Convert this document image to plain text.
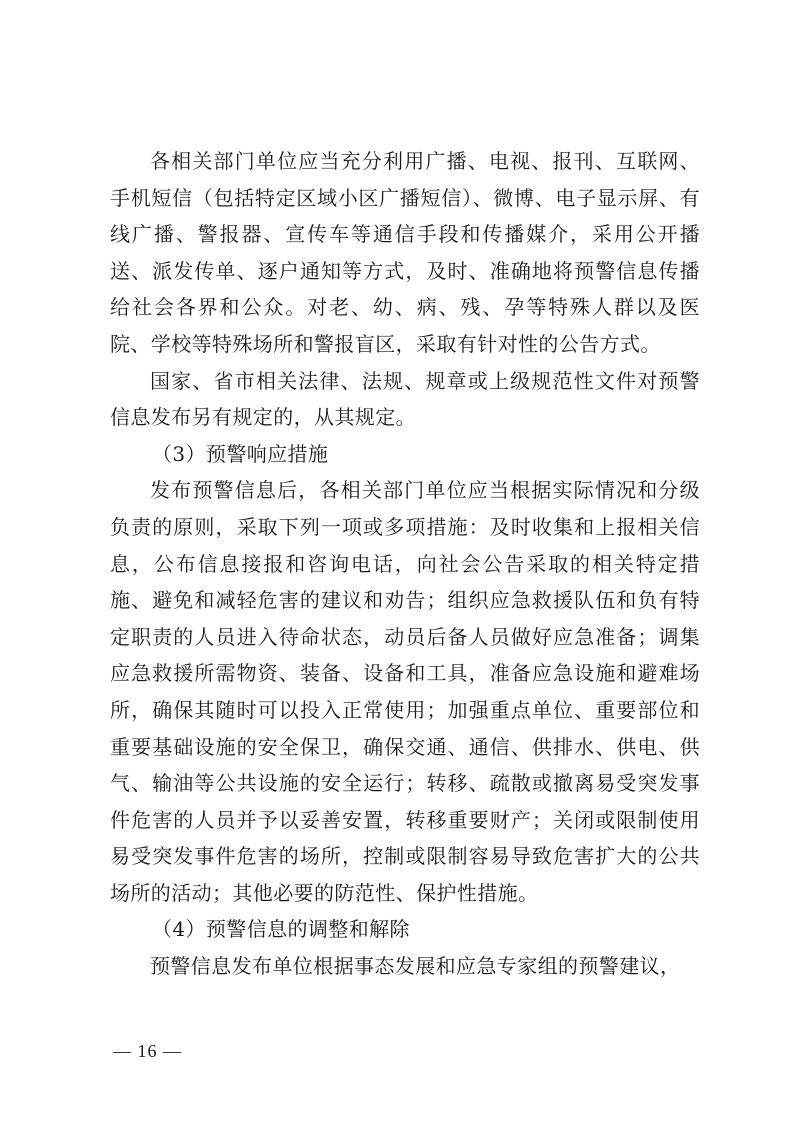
各相关部门单位应当充分利用广播、电视、报刊、互联网、手机短信（包括特定区域小区广播短信）、微博、电子显示屏、有线广播、警报器、宣传车等通信手段和传播媒介，采用公开播送、派发传单、逐户通知等方式，及时、准确地将预警信息传播给社会各界和公众。对老、幼、病、残、孕等特殊人群以及医院、学校等特殊场所和警报盲区，采取有针对性的公告方式。

国家、省市相关法律、法规、规章或上级规范性文件对预警信息发布另有规定的，从其规定。

（3）预警响应措施

发布预警信息后，各相关部门单位应当根据实际情况和分级负责的原则，采取下列一项或多项措施：及时收集和上报相关信息，公布信息接报和咨询电话，向社会公告采取的相关特定措施、避免和减轻危害的建议和劝告；组织应急救援队伍和负有特定职责的人员进入待命状态，动员后备人员做好应急准备；调集应急救援所需物资、装备、设备和工具，准备应急设施和避难场所，确保其随时可以投入正常使用；加强重点单位、重要部位和重要基础设施的安全保卫，确保交通、通信、供排水、供电、供气、输油等公共设施的安全运行；转移、疏散或撤离易受突发事件危害的人员并予以妥善安置，转移重要财产；关闭或限制使用易受突发事件危害的场所，控制或限制容易导致危害扩大的公共场所的活动；其他必要的防范性、保护性措施。

（4）预警信息的调整和解除

预警信息发布单位根据事态发展和应急专家组的预警建议，

— 16 —
